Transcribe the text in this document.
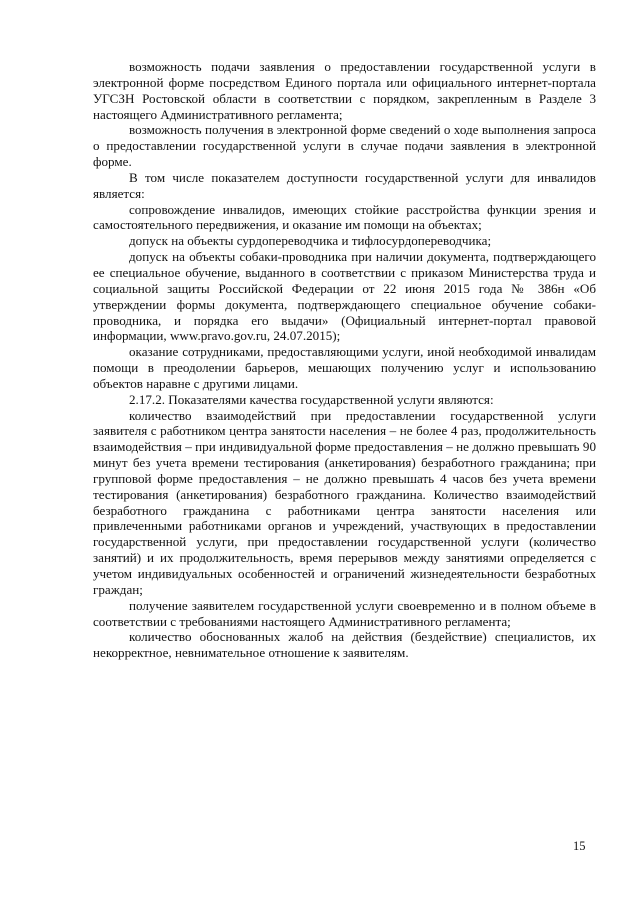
возможность подачи заявления о предоставлении государственной услуги в электронной форме посредством Единого портала или официального интернет-портала УГСЗН Ростовской области в соответствии с порядком, закрепленным в Разделе 3 настоящего Административного регламента;

возможность получения в электронной форме сведений о ходе выполнения запроса о предоставлении государственной услуги в случае подачи заявления в электронной форме.

В том числе показателем доступности государственной услуги для инвалидов является:

сопровождение инвалидов, имеющих стойкие расстройства функции зрения и самостоятельного передвижения, и оказание им помощи на объектах;

допуск на объекты сурдопереводчика и тифлосурдопереводчика;

допуск на объекты собаки-проводника при наличии документа, подтверждающего ее специальное обучение, выданного в соответствии с приказом Министерства труда и социальной защиты Российской Федерации от 22 июня 2015 года № 386н «Об утверждении формы документа, подтверждающего специальное обучение собаки-проводника, и порядка его выдачи» (Официальный интернет-портал правовой информации, www.pravo.gov.ru, 24.07.2015);

оказание сотрудниками, предоставляющими услуги, иной необходимой инвалидам помощи в преодолении барьеров, мешающих получению услуг и использованию объектов наравне с другими лицами.

2.17.2. Показателями качества государственной услуги являются:

количество взаимодействий при предоставлении государственной услуги заявителя с работником центра занятости населения – не более 4 раз, продолжительность взаимодействия – при индивидуальной форме предоставления – не должно превышать 90 минут без учета времени тестирования (анкетирования) безработного гражданина; при групповой форме предоставления – не должно превышать 4 часов без учета времени тестирования (анкетирования) безработного гражданина. Количество взаимодействий безработного гражданина с работниками центра занятости населения или привлеченными работниками органов и учреждений, участвующих в предоставлении государственной услуги, при предоставлении государственной услуги (количество занятий) и их продолжительность, время перерывов между занятиями определяется с учетом индивидуальных особенностей и ограничений жизнедеятельности безработных граждан;

получение заявителем государственной услуги своевременно и в полном объеме в соответствии с требованиями настоящего Административного регламента;

количество обоснованных жалоб на действия (бездействие) специалистов, их некорректное, невнимательное отношение к заявителям.

15
